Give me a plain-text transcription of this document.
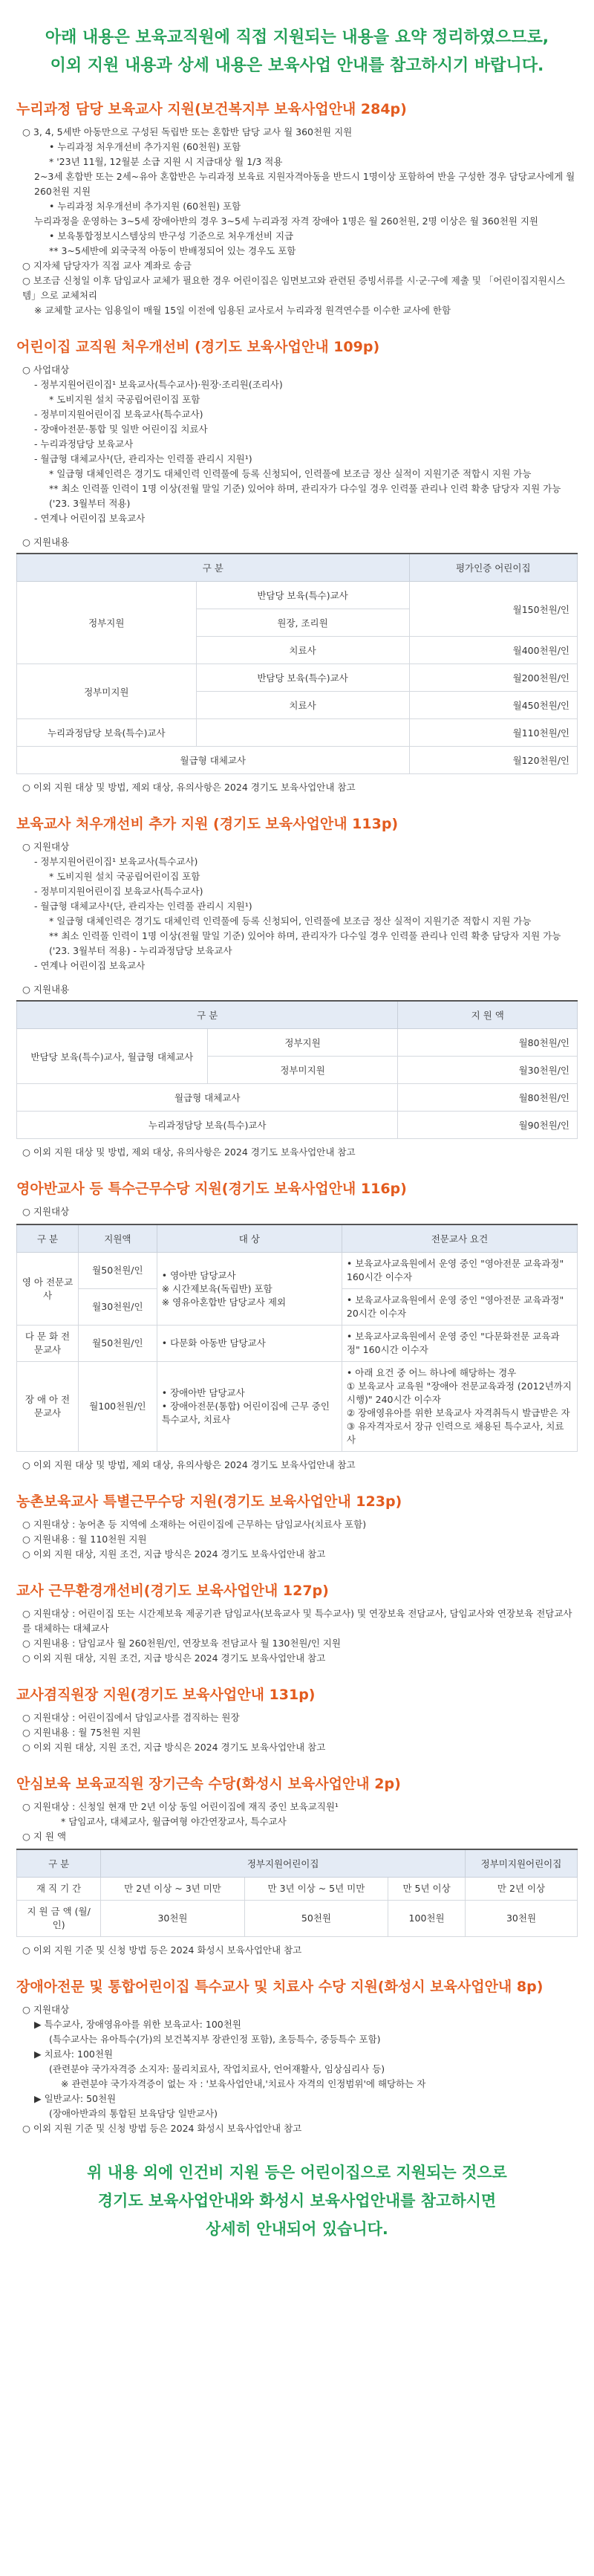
아래 내용은 보육교직원에 직접 지원되는 내용을 요약 정리하였으므로,
이외 지원 내용과 상세 내용은 보육사업 안내를 참고하시기 바랍니다.
누리과정 담당 보육교사 지원(보건복지부 보육사업안내 284p)

○ 3, 4, 5세반 아동만으로 구성된 독립반 또는 혼합반 담당 교사 월 360천원 지원

• 누리과정 처우개선비 추가지원 (60천원) 포함

* '23년 11월, 12월분 소급 지원 시 지급대상 월 1/3 적용

2~3세 혼합반 또는 2세~유아 혼합반은 누리과정 보육료 지원자격아동을 반드시 1명이상 포함하여 반을 구성한 경우 담당교사에게 월 260천원 지원

• 누리과정 처우개선비 추가지원 (60천원) 포함

누리과정을 운영하는 3~5세 장애아반의 경우 3~5세 누리과정 자격 장애아 1명은 월 260천원, 2명 이상은 월 360천원 지원

• 보육통합정보시스템상의 반구성 기준으로 처우개선비 지급

** 3~5세반에 외국국적 아동이 반배정되어 있는 경우도 포함

○ 지자체 담당자가 직접 교사 계좌로 송금

○ 보조금 신청일 이후 담임교사 교체가 필요한 경우 어린이집은 임면보고와 관련된 증빙서류를 시·군·구에 제출 및 「어린이집지원시스템」으로 교체처리

※ 교체할 교사는 임용일이 매월 15일 이전에 임용된 교사로서 누리과정 원격연수를 이수한 교사에 한함

어린이집 교직원 처우개선비 (경기도 보육사업안내 109p)

○ 사업대상

- 정부지원어린이집¹ 보육교사(특수교사)·원장·조리원(조리사)

* 도비지원 설치 국공립어린이집 포함

- 정부미지원어린이집 보육교사(특수교사)

- 장애아전문·통합 및 일반 어린이집 치료사

- 누리과정담당 보육교사

- 월급형 대체교사¹(단, 관리자는 인력풀 관리시 지원¹)

* 일급형 대체인력은 경기도 대체인력 인력풀에 등록 신청되어, 인력풀에 보조금 정산 실적이 지원기준 적합시 지원 가능

** 최소 인력풀 인력이 1명 이상(전월 말일 기준) 있어야 하며, 관리자가 다수일 경우 인력풀 관리나 인력 확충 담당자 지원 가능('23. 3월부터 적용)

- 연계나 어린이집 보육교사

○ 지원내용
구 분		평가인증 어린이집
정부지원	반담당 보육(특수)교사	월150천원/인
	원장, 조리원	
	치료사	월400천원/인
정부미지원	반담당 보육(특수)교사	월200천원/인
	치료사	월450천원/인
누리과정담당 보육(특수)교사		월110천원/인
월급형 대체교사		월120천원/인

○ 이외 지원 대상 및 방법, 제외 대상, 유의사항은 2024 경기도 보육사업안내 참고

보육교사 처우개선비 추가 지원 (경기도 보육사업안내 113p)

○ 지원대상

- 정부지원어린이집¹ 보육교사(특수교사)

* 도비지원 설치 국공립어린이집 포함

- 정부미지원어린이집 보육교사(특수교사)

- 월급형 대체교사¹(단, 관리자는 인력풀 관리시 지원¹)

* 일급형 대체인력은 경기도 대체인력 인력풀에 등록 신청되어, 인력풀에 보조금 정산 실적이 지원기준 적합시 지원 가능

** 최소 인력풀 인력이 1명 이상(전월 말일 기준) 있어야 하며, 관리자가 다수일 경우 인력풀 관리나 인력 확충 담당자 지원 가능('23. 3월부터 적용) - 누리과정담당 보육교사

- 연계나 어린이집 보육교사

○ 지원내용
구 분		지 원 액
반담당 보육(특수)교사, 월급형 대체교사	정부지원	월80천원/인
	정부미지원	월30천원/인
월급형 대체교사		월80천원/인
누리과정담당 보육(특수)교사		월90천원/인

○ 이외 지원 대상 및 방법, 제외 대상, 유의사항은 2024 경기도 보육사업안내 참고

영아반교사 등 특수근무수당 지원(경기도 보육사업안내 116p)

○ 지원대상

구 분	지원액	대 상	전문교사 요건
영 아 전문교사	월50천원/인	• 영아반 담당교사
※ 시간제보육(독립반) 포함
※ 영유아혼합반 담당교사 제외	• 보육교사교육원에서 운영 중인 "영아전문 교육과정" 160시간 이수자
	월30천원/인		• 보육교사교육원에서 운영 중인 "영아전문 교육과정" 20시간 이수자
다 문 화 전문교사	월50천원/인	• 다문화 아동반 담당교사	• 보육교사교육원에서 운영 중인 "다문화전문 교육과정" 160시간 이수자
장 애 아 전문교사	월100천원/인	• 장애아반 담당교사
• 장애아전문(통합) 어린이집에 근무 중인 특수교사, 치료사	• 아래 요건 중 어느 하나에 해당하는 경우
① 보육교사 교육원 "장애아 전문교육과정 (2012년까지 시행)" 240시간 이수자
② 장애영유아를 위한 보육교사 자격취득시 발급받은 자
③ 유자격자로서 장규 인력으로 채용된 특수교사, 치료사

○ 이외 지원 대상 및 방법, 제외 대상, 유의사항은 2024 경기도 보육사업안내 참고

농촌보육교사 특별근무수당 지원(경기도 보육사업안내 123p)

○ 지원대상 : 농어촌 등 지역에 소재하는 어린이집에 근무하는 담임교사(치료사 포함)

○ 지원내용 : 월 110천원 지원

○ 이외 지원 대상, 지원 조건, 지급 방식은 2024 경기도 보육사업안내 참고

교사 근무환경개선비(경기도 보육사업안내 127p)

○ 지원대상 : 어린이집 또는 시간제보육 제공기관 담임교사(보육교사 및 특수교사) 및 연장보육 전담교사, 담임교사와 연장보육 전담교사를 대체하는 대체교사

○ 지원내용 : 담임교사 월 260천원/인, 연장보육 전담교사 월 130천원/인 지원

○ 이외 지원 대상, 지원 조건, 지급 방식은 2024 경기도 보육사업안내 참고

교사겸직원장 지원(경기도 보육사업안내 131p)

○ 지원대상 : 어린이집에서 담임교사를 겸직하는 원장

○ 지원내용 : 월 75천원 지원

○ 이외 지원 대상, 지원 조건, 지급 방식은 2024 경기도 보육사업안내 참고

안심보육 보육교직원 장기근속 수당(화성시 보육사업안내 2p)

○ 지원대상 : 신청일 현재 만 2년 이상 동일 어린이집에 재직 중인 보육교직원¹

* 담임교사, 대체교사, 월급여형 야간연장교사, 특수교사

○ 지 원 액

구 분	정부지원어린이집			정부미지원어린이집
재 직 기 간	만 2년 이상 ~ 3년 미만	만 3년 이상 ~ 5년 미만	만 5년 이상	만 2년 이상
지 원 금 액 (월/인)	30천원	50천원	100천원	30천원

○ 이외 지원 기준 및 신청 방법 등은 2024 화성시 보육사업안내 참고

장애아전문 및 통합어린이집 특수교사 및 치료사 수당 지원(화성시 보육사업안내 8p)

○ 지원대상

▶ 특수교사, 장애영유아를 위한 보육교사: 100천원

(특수교사는 유아특수(가)의 보건복지부 장관인정 포함), 초등특수, 중등특수 포함)

▶ 치료사: 100천원

(관련분야 국가자격증 소지자: 물리치료사, 작업치료사, 언어재활사, 임상심리사 등)

※ 관련분야 국가자격증이 없는 자 : '보육사업안내,'치료사 자격의 인정범위'에 해당하는 자

▶ 일반교사: 50천원

(장애아반과의 통합된 보육담당 일반교사)

○ 이외 지원 기준 및 신청 방법 등은 2024 화성시 보육사업안내 참고

위 내용 외에 인건비 지원 등은 어린이집으로 지원되는 것으로
경기도 보육사업안내와 화성시 보육사업안내를 참고하시면
상세히 안내되어 있습니다.
